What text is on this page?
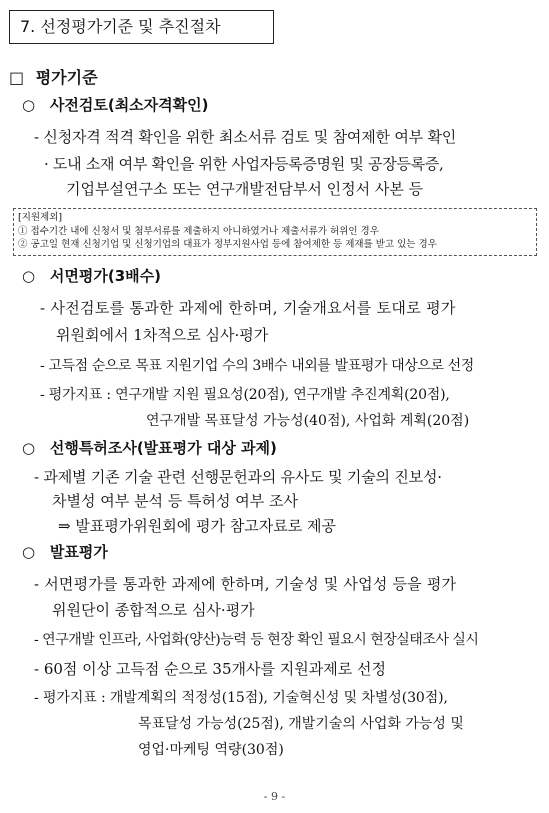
7. 선정평가기준 및 추진절차
□ 평가기준
○ 사전검토(최소자격확인)
- 신청자격 적격 확인을 위한 최소서류 검토 및 참여제한 여부 확인
· 도내 소재 여부 확인을 위한 사업자등록증명원 및 공장등록증,
기업부설연구소 또는 연구개발전담부서 인정서 사본 등
[지원제외]
① 접수기간 내에 신청서 및 첨부서류를 제출하지 아니하였거나 제출서류가 허위인 경우
② 공고일 현재 신청기업 및 신청기업의 대표가 정부지원사업 등에 참여제한 등 제재를 받고 있는 경우
○ 서면평가(3배수)
- 사전검토를 통과한 과제에 한하며, 기술개요서를 토대로 평가
위원회에서 1차적으로 심사·평가
- 고득점 순으로 목표 지원기업 수의 3배수 내외를 발표평가 대상으로 선정
- 평가지표 : 연구개발 지원 필요성(20점), 연구개발 추진계획(20점),
연구개발 목표달성 가능성(40점), 사업화 계획(20점)
○ 선행특허조사(발표평가 대상 과제)
- 과제별 기존 기술 관련 선행문헌과의 유사도 및 기술의 진보성·
차별성 여부 분석 등 특허성 여부 조사
⇒ 발표평가위원회에 평가 참고자료로 제공
○ 발표평가
- 서면평가를 통과한 과제에 한하며, 기술성 및 사업성 등을 평가
위원단이 종합적으로 심사·평가
- 연구개발 인프라, 사업화(양산)능력 등 현장 확인 필요시 현장실태조사 실시
- 60점 이상 고득점 순으로 35개사를 지원과제로 선정
- 평가지표 : 개발계획의 적정성(15점), 기술혁신성 및 차별성(30점),
목표달성 가능성(25점), 개발기술의 사업화 가능성 및
영업·마케팅 역량(30점)
- 9 -
